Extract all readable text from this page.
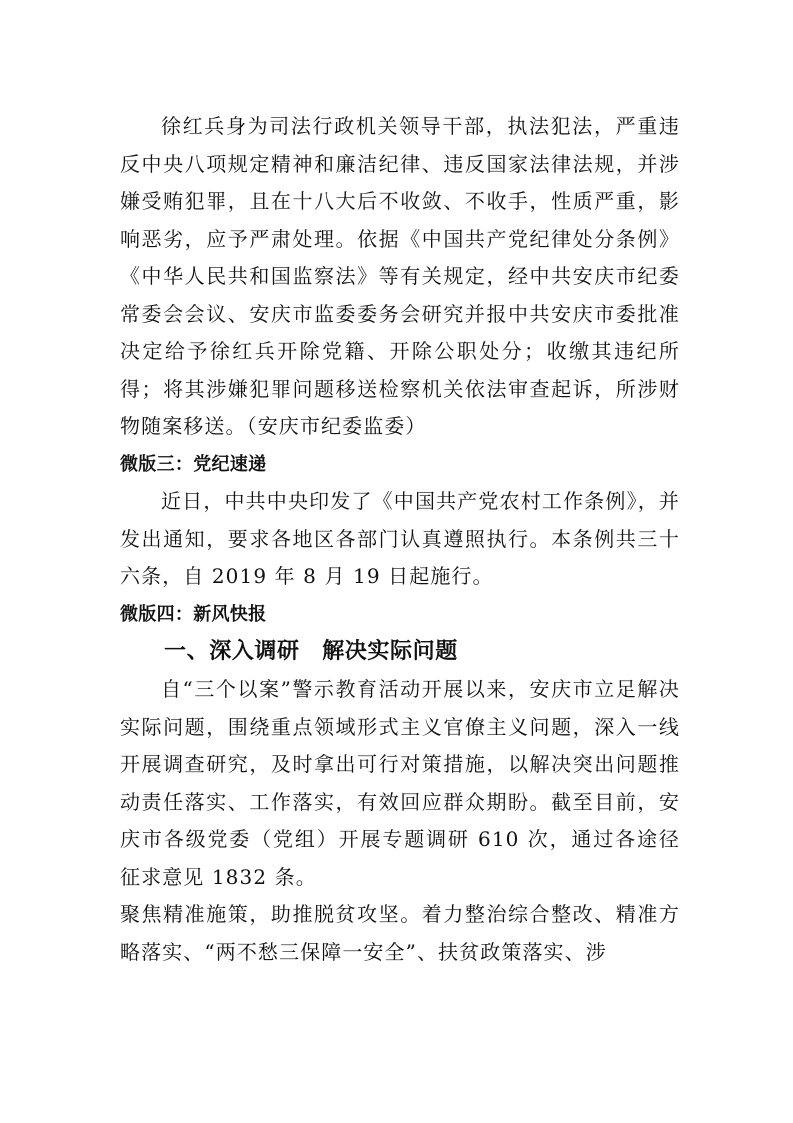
徐红兵身为司法行政机关领导干部，执法犯法，严重违反中央八项规定精神和廉洁纪律、违反国家法律法规，并涉嫌受贿犯罪，且在十八大后不收敛、不收手，性质严重，影响恶劣，应予严肃处理。依据《中国共产党纪律处分条例》《中华人民共和国监察法》等有关规定，经中共安庆市纪委常委会会议、安庆市监委委务会研究并报中共安庆市委批准决定给予徐红兵开除党籍、开除公职处分；收缴其违纪所得；将其涉嫌犯罪问题移送检察机关依法审查起诉，所涉财物随案移送。（安庆市纪委监委）

微版三：党纪速递

近日，中共中央印发了《中国共产党农村工作条例》，并发出通知，要求各地区各部门认真遵照执行。本条例共三十六条，自 2019 年 8 月 19 日起施行。

微版四：新风快报

一、深入调研　解决实际问题

自“三个以案”警示教育活动开展以来，安庆市立足解决实际问题，围绕重点领域形式主义官僚主义问题，深入一线开展调查研究，及时拿出可行对策措施，以解决突出问题推动责任落实、工作落实，有效回应群众期盼。截至目前，安庆市各级党委（党组）开展专题调研 610 次，通过各途径征求意见 1832 条。

聚焦精准施策，助推脱贫攻坚。着力整治综合整改、精准方略落实、“两不愁三保障一安全”、扶贫政策落实、涉
